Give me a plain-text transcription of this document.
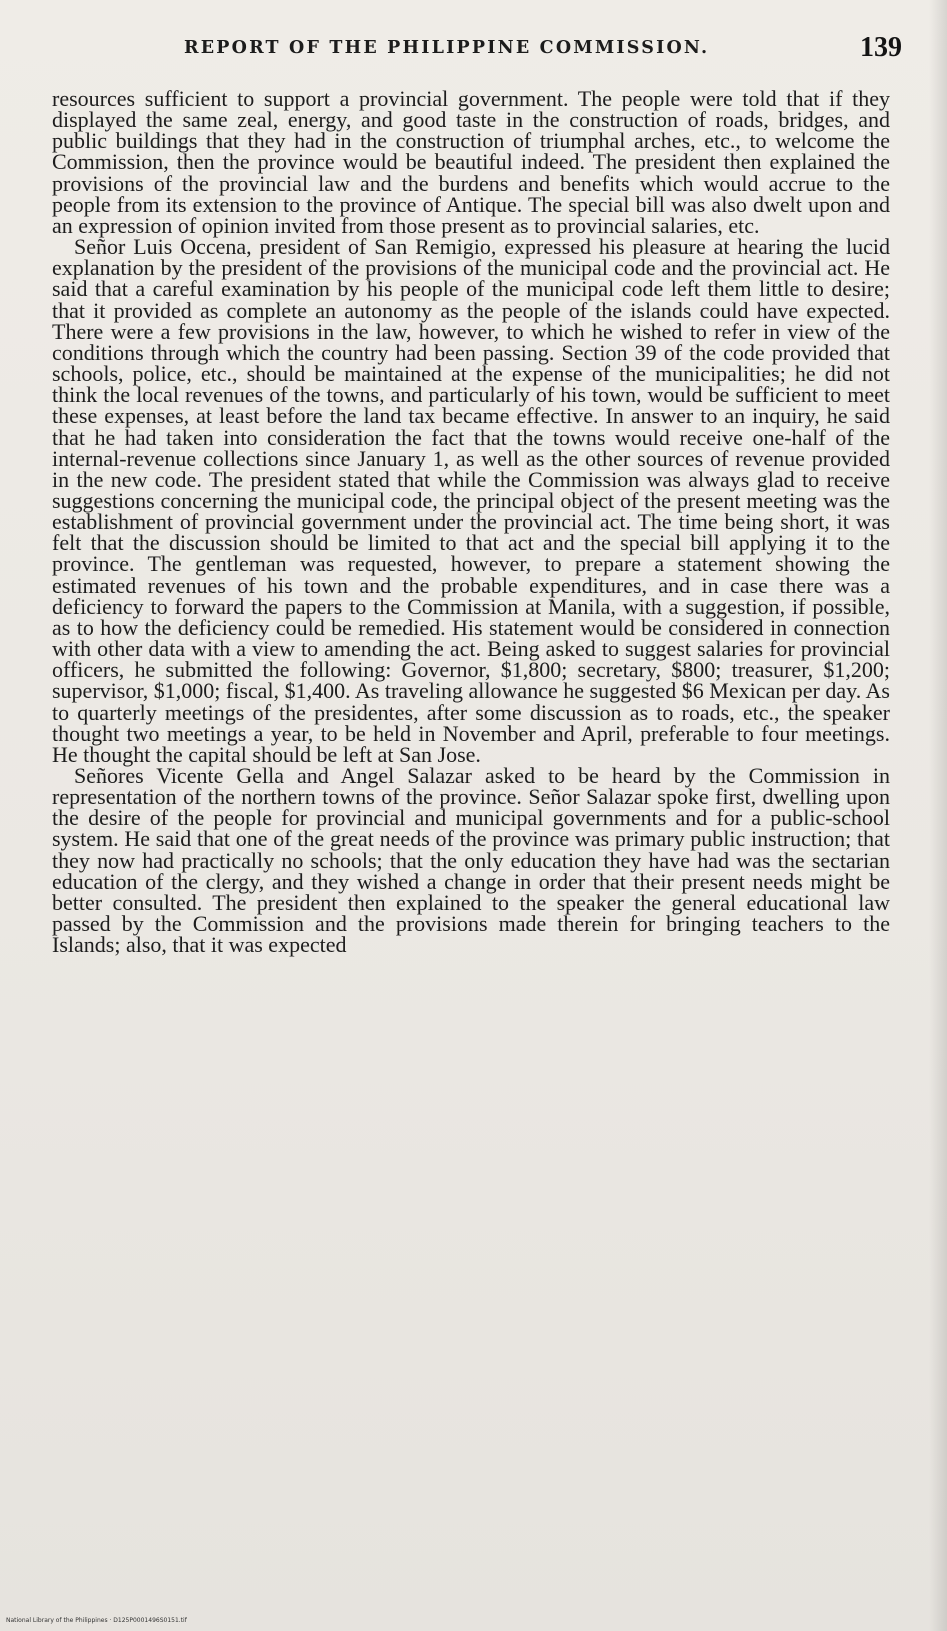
REPORT OF THE PHILIPPINE COMMISSION.	139

resources sufficient to support a provincial government. The people were told that if they displayed the same zeal, energy, and good taste in the construction of roads, bridges, and public buildings that they had in the construction of triumphal arches, etc., to welcome the Commission, then the province would be beautiful indeed. The president then explained the provisions of the provincial law and the burdens and benefits which would accrue to the people from its extension to the province of Antique. The special bill was also dwelt upon and an expression of opinion invited from those present as to provincial salaries, etc.

Señor Luis Occena, president of San Remigio, expressed his pleasure at hearing the lucid explanation by the president of the provisions of the municipal code and the provincial act. He said that a careful examination by his people of the municipal code left them little to desire; that it provided as complete an autonomy as the people of the islands could have expected. There were a few provisions in the law, however, to which he wished to refer in view of the conditions through which the country had been passing. Section 39 of the code provided that schools, police, etc., should be maintained at the expense of the municipalities; he did not think the local revenues of the towns, and particularly of his town, would be sufficient to meet these expenses, at least before the land tax became effective. In answer to an inquiry, he said that he had taken into consideration the fact that the towns would receive one-half of the internal-revenue collections since January 1, as well as the other sources of revenue provided in the new code. The president stated that while the Commission was always glad to receive suggestions concerning the municipal code, the principal object of the present meeting was the establishment of provincial government under the provincial act. The time being short, it was felt that the discussion should be limited to that act and the special bill applying it to the province. The gentleman was requested, however, to prepare a statement showing the estimated revenues of his town and the probable expenditures, and in case there was a deficiency to forward the papers to the Commission at Manila, with a suggestion, if possible, as to how the deficiency could be remedied. His statement would be considered in connection with other data with a view to amending the act. Being asked to suggest salaries for provincial officers, he submitted the following: Governor, $1,800; secretary, $800; treasurer, $1,200; supervisor, $1,000; fiscal, $1,400. As traveling allowance he suggested $6 Mexican per day. As to quarterly meetings of the presidentes, after some discussion as to roads, etc., the speaker thought two meetings a year, to be held in November and April, preferable to four meetings. He thought the capital should be left at San Jose.

Señores Vicente Gella and Angel Salazar asked to be heard by the Commission in representation of the northern towns of the province. Señor Salazar spoke first, dwelling upon the desire of the people for provincial and municipal governments and for a public-school system. He said that one of the great needs of the province was primary public instruction; that they now had practically no schools; that the only education they have had was the sectarian education of the clergy, and they wished a change in order that their present needs might be better consulted. The president then explained to the speaker the general educational law passed by the Commission and the provisions made therein for bringing teachers to the Islands; also, that it was expected

National Library of the Philippines · D125P0001496S0151.tif
